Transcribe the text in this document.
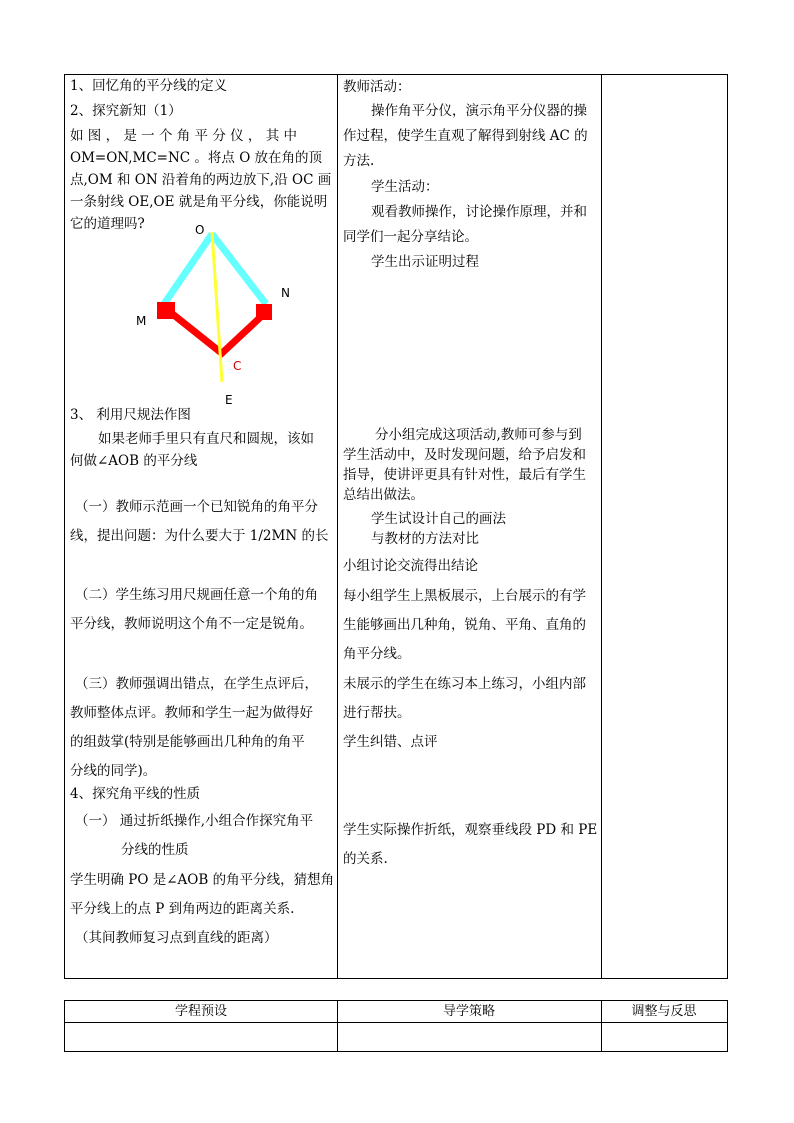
1、回忆角的平分线的定义
2、探究新知（1）
如 图 ， 是 一 个 角 平 分 仪 ， 其 中
OM=ON,MC=NC 。将点 O 放在角的顶
点,OM 和 ON 沿着角的两边放下,沿 OC 画
一条射线 OE,OE 就是角平分线，你能说明
它的道理吗?	O
N
M
C
E
3、 利用尺规法作图
如果老师手里只有直尺和圆规，该如
何做∠AOB 的平分线
（一）教师示范画一个已知锐角的角平分
线，提出问题：为什么要大于 1/2MN 的长
（二）学生练习用尺规画任意一个角的角
平分线，教师说明这个角不一定是锐角。
（三）教师强调出错点，在学生点评后，
教师整体点评。教师和学生一起为做得好
的组鼓掌(特别是能够画出几种角的角平
分线的同学)。
4、探究角平线的性质
（一） 通过折纸操作,小组合作探究角平
分线的性质
学生明确 PO 是∠AOB 的角平分线，猜想角
平分线上的点 P 到角两边的距离关系.
（其间教师复习点到直线的距离）
教师活动：
操作角平分仪，演示角平分仪器的操
作过程，使学生直观了解得到射线 AC 的
方法.
学生活动：
观看教师操作，讨论操作原理，并和
同学们一起分享结论。
学生出示证明过程
分小组完成这项活动,教师可参与到
学生活动中，及时发现问题，给予启发和
指导，使讲评更具有针对性，最后有学生
总结出做法。
学生试设计自己的画法
与教材的方法对比
小组讨论交流得出结论
每小组学生上黑板展示，上台展示的有学
生能够画出几种角，锐角、平角、直角的
角平分线。
未展示的学生在练习本上练习，小组内部
进行帮扶。
学生纠错、点评
学生实际操作折纸，观察垂线段 PD 和 PE
的关系.
学程预设	导学策略	调整与反思
